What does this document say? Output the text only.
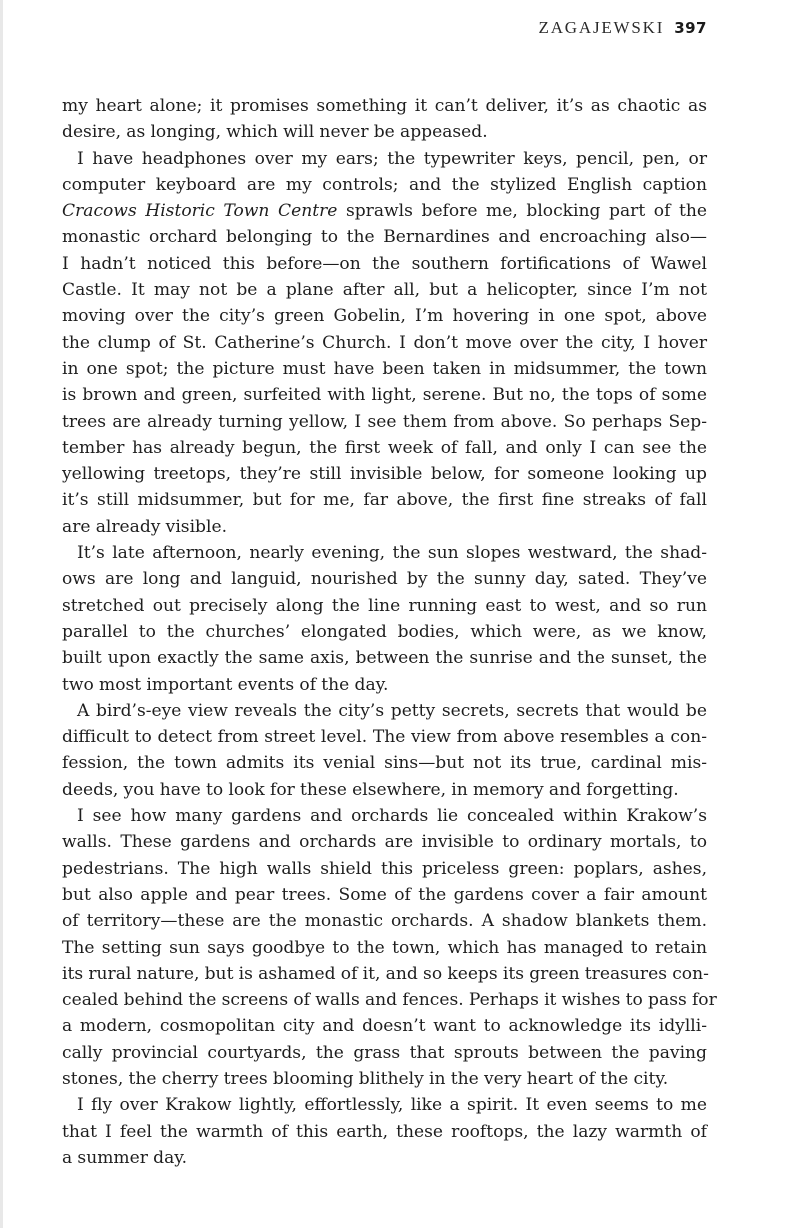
ZAGAJEWSKI 397
my heart alone; it promises something it can’t deliver, it’s as chaotic as
desire, as longing, which will never be appeased.
I have headphones over my ears; the typewriter keys, pencil, pen, or
computer keyboard are my controls; and the stylized English caption
Cracows Historic Town Centre sprawls before me, blocking part of the
monastic orchard belonging to the Bernardines and encroaching also—
I hadn’t noticed this before—on the southern fortifications of Wawel
Castle. It may not be a plane after all, but a helicopter, since I’m not
moving over the city’s green Gobelin, I’m hovering in one spot, above
the clump of St. Catherine’s Church. I don’t move over the city, I hover
in one spot; the picture must have been taken in midsummer, the town
is brown and green, surfeited with light, serene. But no, the tops of some
trees are already turning yellow, I see them from above. So perhaps Sep-
tember has already begun, the first week of fall, and only I can see the
yellowing treetops, they’re still invisible below, for someone looking up
it’s still midsummer, but for me, far above, the first fine streaks of fall
are already visible.
It’s late afternoon, nearly evening, the sun slopes westward, the shad-
ows are long and languid, nourished by the sunny day, sated. They’ve
stretched out precisely along the line running east to west, and so run
parallel to the churches’ elongated bodies, which were, as we know,
built upon exactly the same axis, between the sunrise and the sunset, the
two most important events of the day.
A bird’s-eye view reveals the city’s petty secrets, secrets that would be
difficult to detect from street level. The view from above resembles a con-
fession, the town admits its venial sins—but not its true, cardinal mis-
deeds, you have to look for these elsewhere, in memory and forgetting.
I see how many gardens and orchards lie concealed within Krakow’s
walls. These gardens and orchards are invisible to ordinary mortals, to
pedestrians. The high walls shield this priceless green: poplars, ashes,
but also apple and pear trees. Some of the gardens cover a fair amount
of territory—these are the monastic orchards. A shadow blankets them.
The setting sun says goodbye to the town, which has managed to retain
its rural nature, but is ashamed of it, and so keeps its green treasures con-
cealed behind the screens of walls and fences. Perhaps it wishes to pass for
a modern, cosmopolitan city and doesn’t want to acknowledge its idylli-
cally provincial courtyards, the grass that sprouts between the paving
stones, the cherry trees blooming blithely in the very heart of the city.
I fly over Krakow lightly, effortlessly, like a spirit. It even seems to me
that I feel the warmth of this earth, these rooftops, the lazy warmth of
a summer day.
